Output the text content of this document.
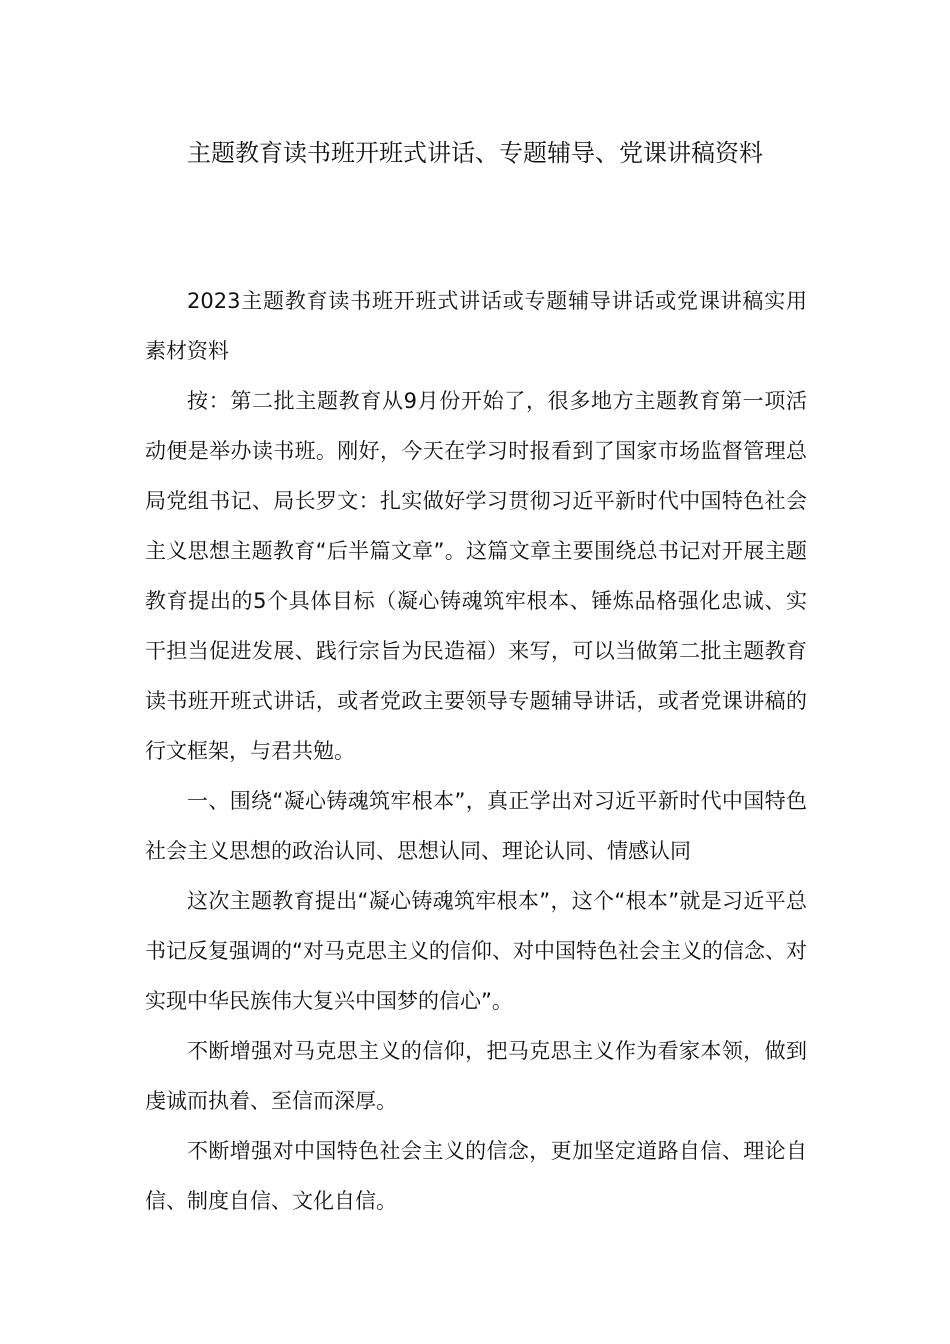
主题教育读书班开班式讲话、专题辅导、党课讲稿资料

2023主题教育读书班开班式讲话或专题辅导讲话或党课讲稿实用素材资料

按：第二批主题教育从9月份开始了，很多地方主题教育第一项活动便是举办读书班。刚好，今天在学习时报看到了国家市场监督管理总局党组书记、局长罗文：扎实做好学习贯彻习近平新时代中国特色社会主义思想主题教育“后半篇文章”。这篇文章主要围绕总书记对开展主题教育提出的5个具体目标（凝心铸魂筑牢根本、锤炼品格强化忠诚、实干担当促进发展、践行宗旨为民造福）来写，可以当做第二批主题教育读书班开班式讲话，或者党政主要领导专题辅导讲话，或者党课讲稿的行文框架，与君共勉。

一、围绕“凝心铸魂筑牢根本”，真正学出对习近平新时代中国特色社会主义思想的政治认同、思想认同、理论认同、情感认同

这次主题教育提出“凝心铸魂筑牢根本”，这个“根本”就是习近平总书记反复强调的“对马克思主义的信仰、对中国特色社会主义的信念、对实现中华民族伟大复兴中国梦的信心”。

不断增强对马克思主义的信仰，把马克思主义作为看家本领，做到虔诚而执着、至信而深厚。

不断增强对中国特色社会主义的信念，更加坚定道路自信、理论自信、制度自信、文化自信。
